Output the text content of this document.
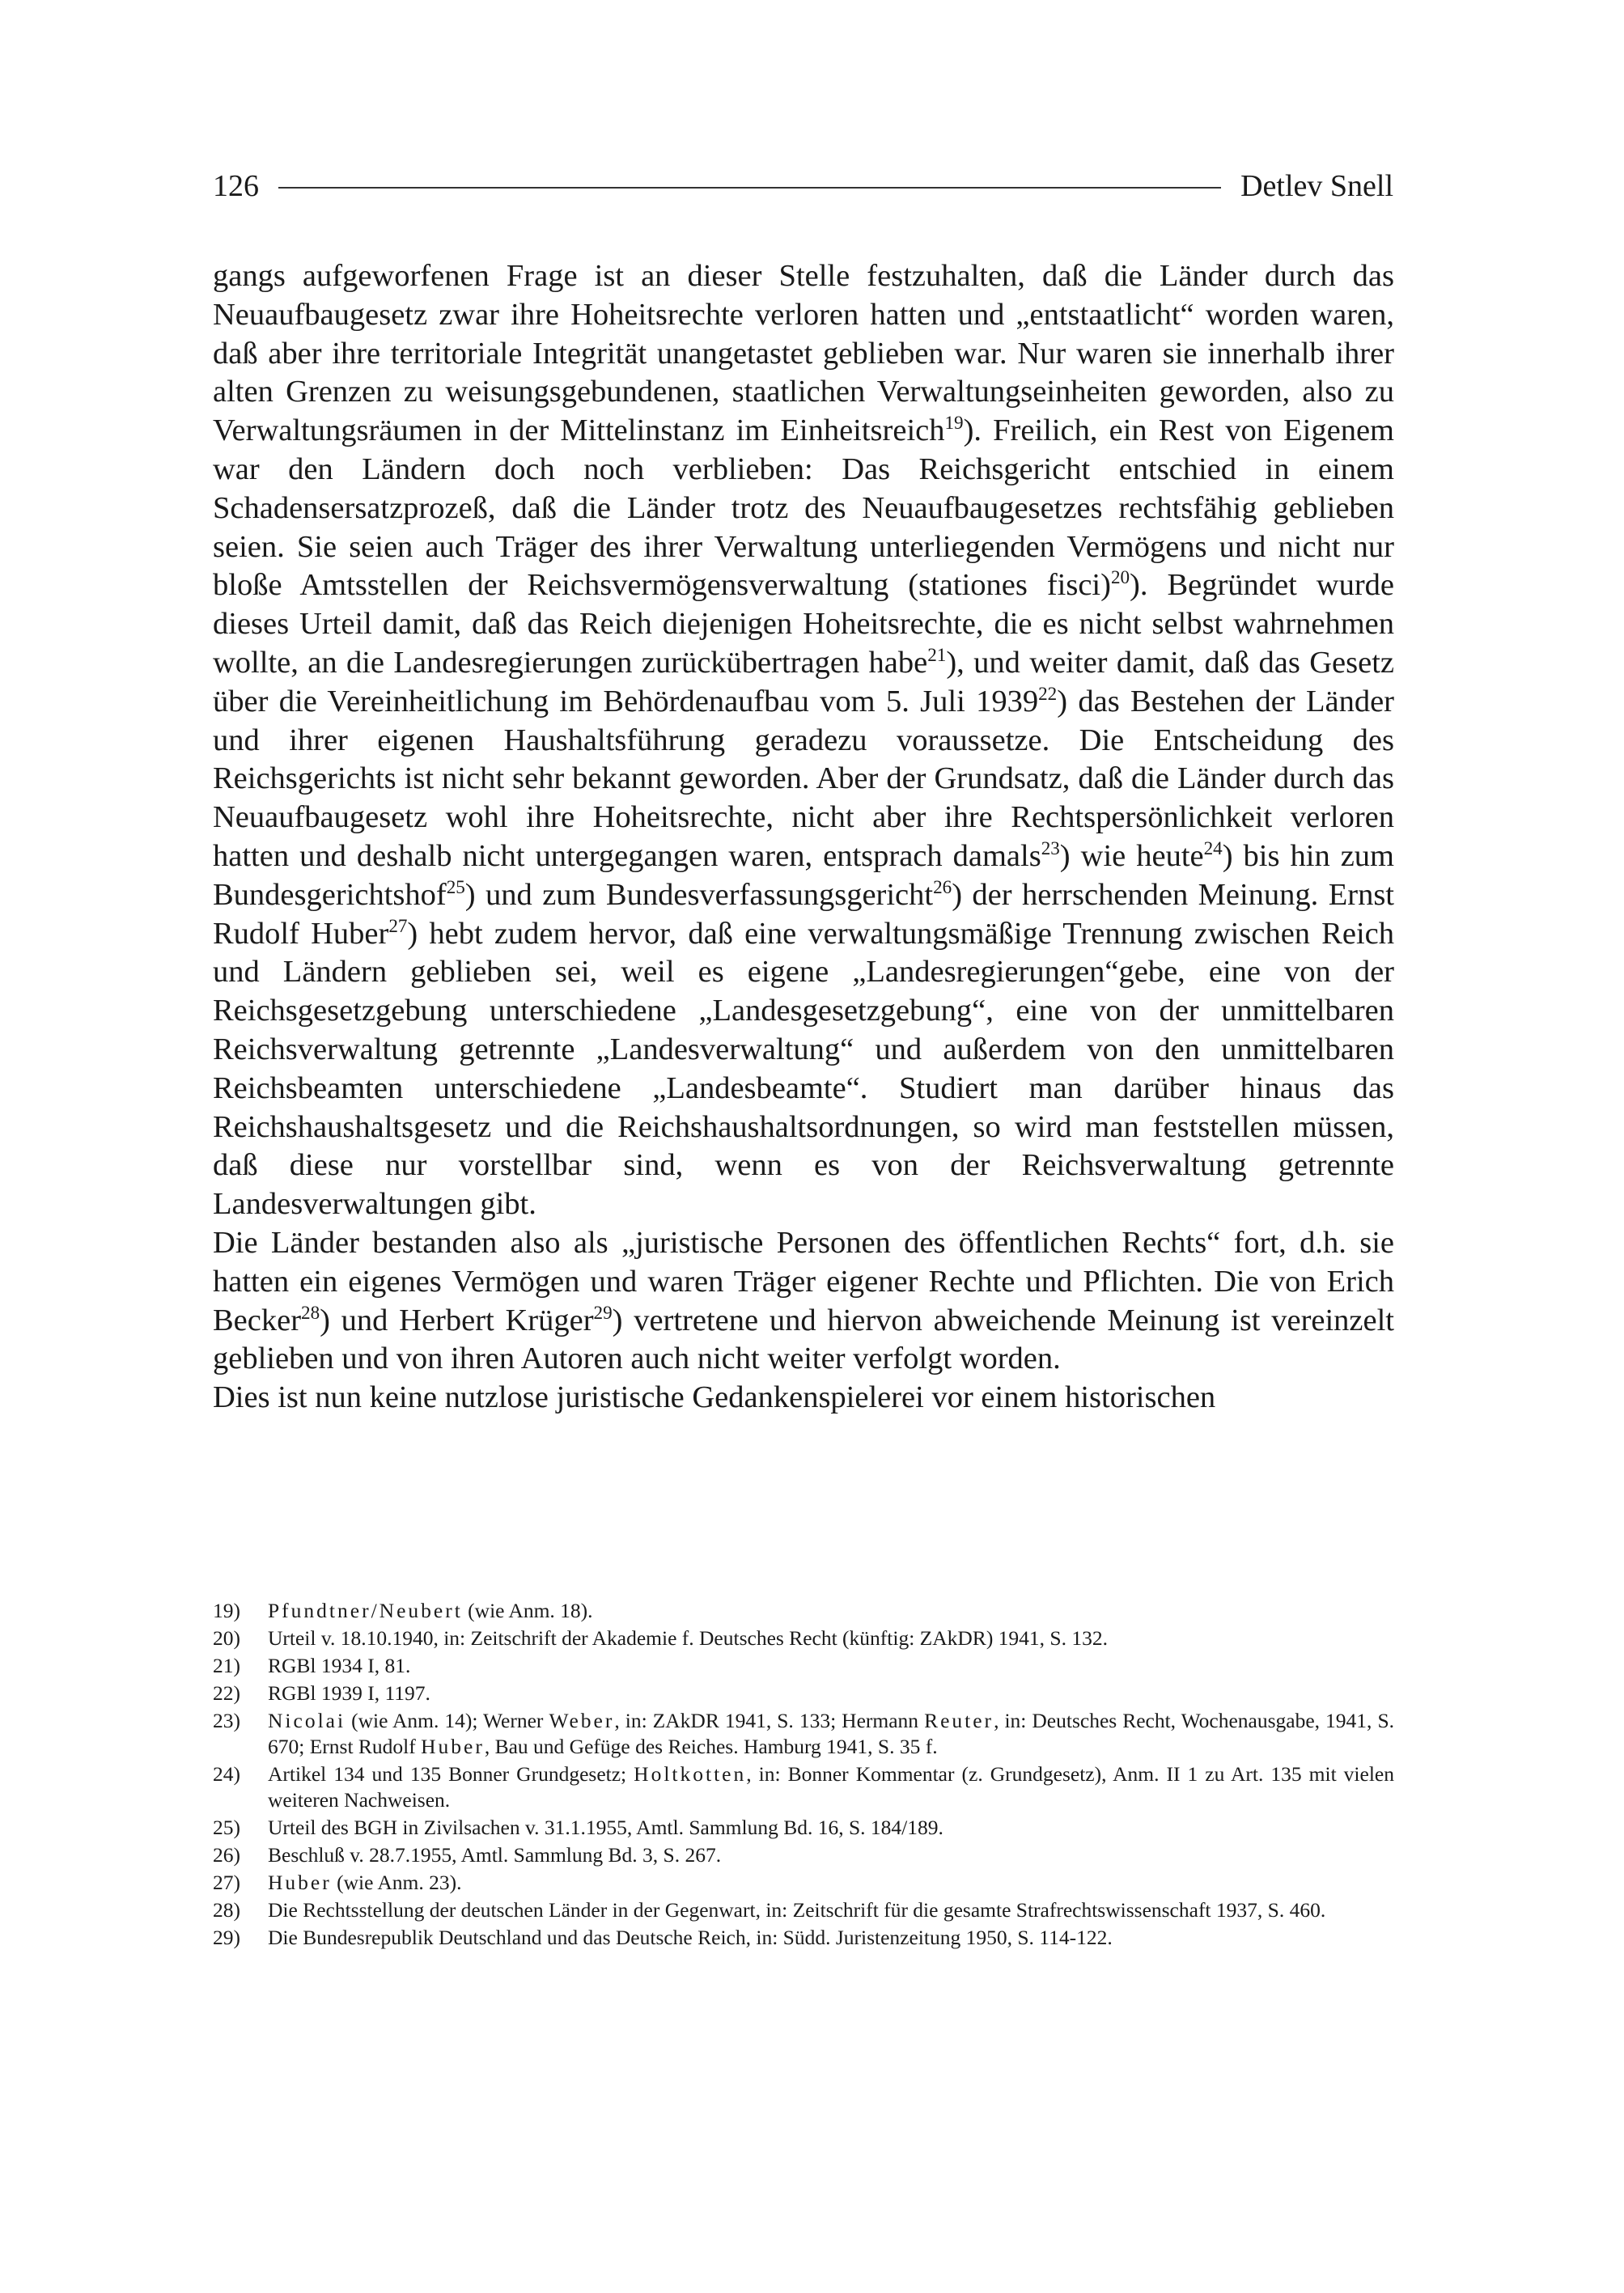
126	Detlev Snell

gangs aufgeworfenen Frage ist an dieser Stelle festzuhalten, daß die Länder durch das Neuaufbaugesetz zwar ihre Hoheitsrechte verloren hatten und „entstaatlicht“ worden waren, daß aber ihre territoriale Integrität unangetastet geblieben war. Nur waren sie innerhalb ihrer alten Grenzen zu weisungsgebundenen, staatlichen Verwaltungseinheiten geworden, also zu Verwaltungsräumen in der Mittelinstanz im Einheitsreich$^{19}$). Freilich, ein Rest von Eigenem war den Ländern doch noch verblieben: Das Reichsgericht entschied in einem Schadensersatzprozeß, daß die Länder trotz des Neuaufbaugesetzes rechtsfähig geblieben seien. Sie seien auch Träger des ihrer Verwaltung unterliegenden Vermögens und nicht nur bloße Amtsstellen der Reichsvermögensverwaltung (stationes fisci)$^{20}$). Begründet wurde dieses Urteil damit, daß das Reich diejenigen Hoheitsrechte, die es nicht selbst wahrnehmen wollte, an die Landesregierungen zurückübertragen habe$^{21}$), und weiter damit, daß das Gesetz über die Vereinheitlichung im Behördenaufbau vom 5. Juli 1939$^{22}$) das Bestehen der Länder und ihrer eigenen Haushaltsführung geradezu voraussetze. Die Entscheidung des Reichsgerichts ist nicht sehr bekannt geworden. Aber der Grundsatz, daß die Länder durch das Neuaufbaugesetz wohl ihre Hoheitsrechte, nicht aber ihre Rechtspersönlichkeit verloren hatten und deshalb nicht untergegangen waren, entsprach damals$^{23}$) wie heute$^{24}$) bis hin zum Bundesgerichtshof$^{25}$) und zum Bundesverfassungsgericht$^{26}$) der herrschenden Meinung. Ernst Rudolf Huber$^{27}$) hebt zudem hervor, daß eine verwaltungsmäßige Trennung zwischen Reich und Ländern geblieben sei, weil es eigene „Landesregierungen“gebe, eine von der Reichsgesetzgebung unterschiedene „Landesgesetzgebung“, eine von der unmittelbaren Reichsverwaltung getrennte „Landesverwaltung“ und außerdem von den unmittelbaren Reichsbeamten unterschiedene „Landesbeamte“. Studiert man darüber hinaus das Reichshaushaltsgesetz und die Reichshaushaltsordnungen, so wird man feststellen müssen, daß diese nur vorstellbar sind, wenn es von der Reichsverwaltung getrennte Landesverwaltungen gibt.

Die Länder bestanden also als „juristische Personen des öffentlichen Rechts“ fort, d.h. sie hatten ein eigenes Vermögen und waren Träger eigener Rechte und Pflichten. Die von Erich Becker$^{28}$) und Herbert Krüger$^{29}$) vertretene und hiervon abweichende Meinung ist vereinzelt geblieben und von ihren Autoren auch nicht weiter verfolgt worden.

Dies ist nun keine nutzlose juristische Gedankenspielerei vor einem historischen

19)	Pfundtner/Neubert (wie Anm. 18).
20)	Urteil v. 18.10.1940, in: Zeitschrift der Akademie f. Deutsches Recht (künftig: ZAkDR) 1941, S. 132.
21)	RGBl 1934 I, 81.
22)	RGBl 1939 I, 1197.
23)	Nicolai (wie Anm. 14); Werner Weber, in: ZAkDR 1941, S. 133; Hermann Reuter, in: Deutsches Recht, Wochenausgabe, 1941, S. 670; Ernst Rudolf Huber, Bau und Gefüge des Reiches. Hamburg 1941, S. 35 f.
24)	Artikel 134 und 135 Bonner Grundgesetz; Holtkotten, in: Bonner Kommentar (z. Grundgesetz), Anm. II 1 zu Art. 135 mit vielen weiteren Nachweisen.
25)	Urteil des BGH in Zivilsachen v. 31.1.1955, Amtl. Sammlung Bd. 16, S. 184/189.
26)	Beschluß v. 28.7.1955, Amtl. Sammlung Bd. 3, S. 267.
27)	Huber (wie Anm. 23).
28)	Die Rechtsstellung der deutschen Länder in der Gegenwart, in: Zeitschrift für die gesamte Strafrechtswissenschaft 1937, S. 460.
29)	Die Bundesrepublik Deutschland und das Deutsche Reich, in: Südd. Juristenzeitung 1950, S. 114-122.
